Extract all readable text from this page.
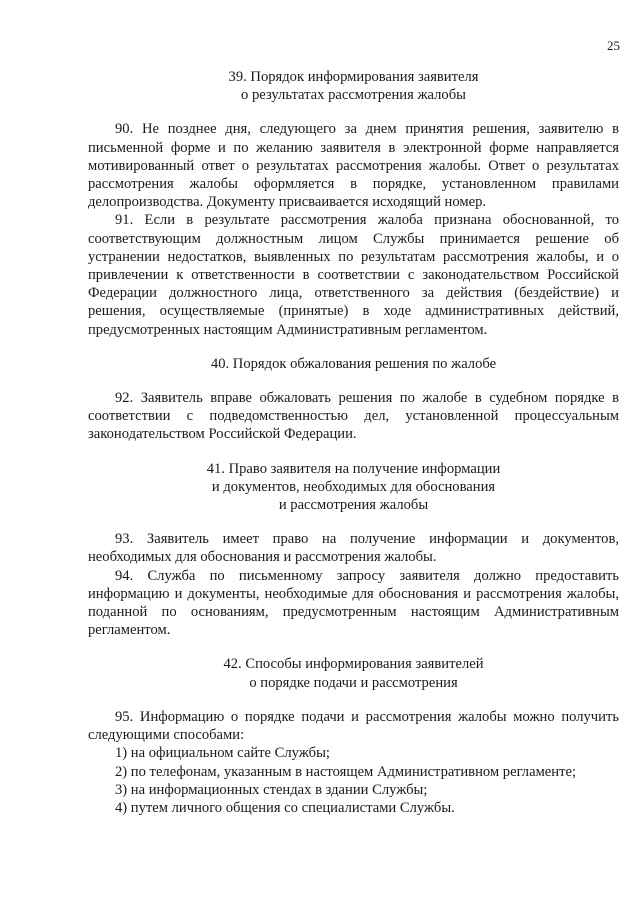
25
39. Порядок информирования заявителя
о результатах рассмотрения жалобы

90. Не позднее дня, следующего за днем принятия решения, заявителю в письменной форме и по желанию заявителя в электронной форме направляется мотивированный ответ о результатах рассмотрения жалобы. Ответ о результатах рассмотрения жалобы оформляется в порядке, установленном правилами делопроизводства. Документу присваивается исходящий номер.

91. Если в результате рассмотрения жалоба признана обоснованной, то соответствующим должностным лицом Службы принимается решение об устранении недостатков, выявленных по результатам рассмотрения жалобы, и о привлечении к ответственности в соответствии с законодательством Российской Федерации должностного лица, ответственного за действия (бездействие) и решения, осуществляемые (принятые) в ходе административных действий, предусмотренных настоящим Административным регламентом.

40. Порядок обжалования решения по жалобе

92. Заявитель вправе обжаловать решения по жалобе в судебном порядке в соответствии с подведомственностью дел, установленной процессуальным законодательством Российской Федерации.

41. Право заявителя на получение информации
и документов, необходимых для обоснования
и рассмотрения жалобы

93. Заявитель имеет право на получение информации и документов, необходимых для обоснования и рассмотрения жалобы.

94. Служба по письменному запросу заявителя должно предоставить информацию и документы, необходимые для обоснования и рассмотрения жалобы, поданной по основаниям, предусмотренным настоящим Административным регламентом.

42. Способы информирования заявителей
о порядке подачи и рассмотрения

95. Информацию о порядке подачи и рассмотрения жалобы можно получить следующими способами:

1) на официальном сайте Службы;

2) по телефонам, указанным в настоящем Административном регламенте;

3) на информационных стендах в здании Службы;

4) путем личного общения со специалистами Службы.
